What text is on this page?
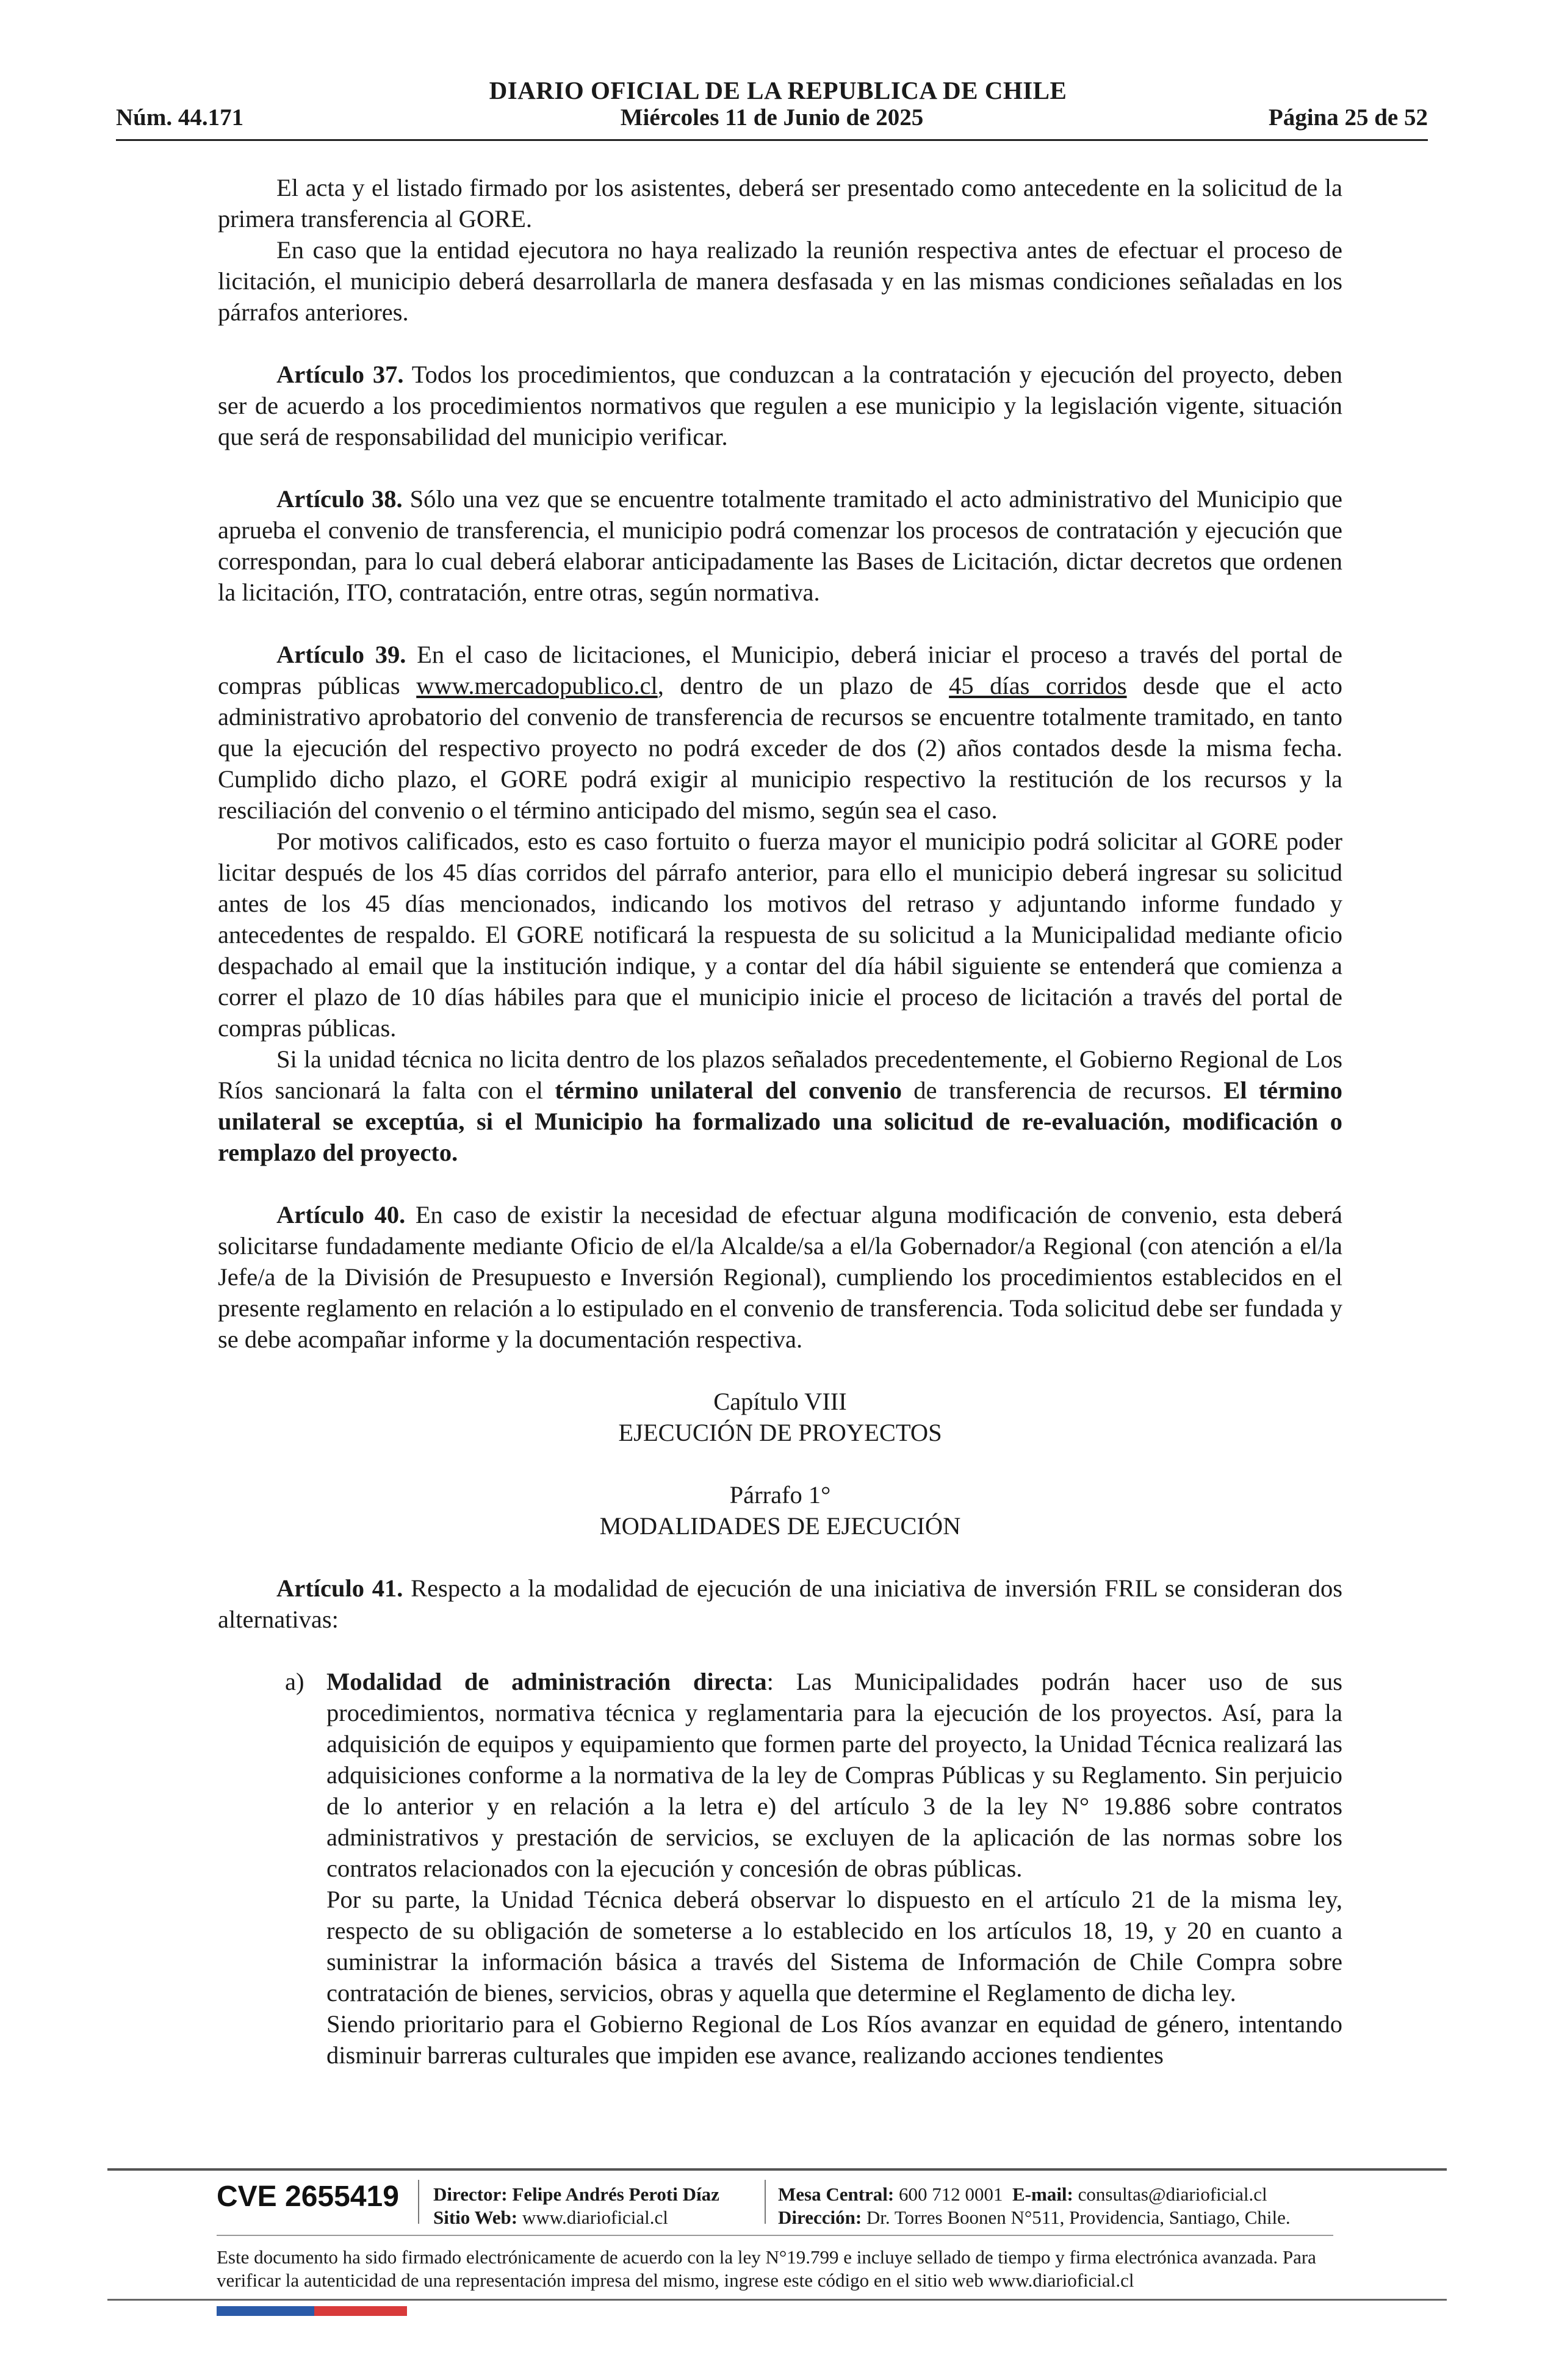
DIARIO OFICIAL DE LA REPUBLICA DE CHILE
Núm. 44.171	Miércoles 11 de Junio de 2025	Página 25 de 52

El acta y el listado firmado por los asistentes, deberá ser presentado como antecedente en la solicitud de la primera transferencia al GORE.

En caso que la entidad ejecutora no haya realizado la reunión respectiva antes de efectuar el proceso de licitación, el municipio deberá desarrollarla de manera desfasada y en las mismas condiciones señaladas en los párrafos anteriores.

Artículo 37. Todos los procedimientos, que conduzcan a la contratación y ejecución del proyecto, deben ser de acuerdo a los procedimientos normativos que regulen a ese municipio y la legislación vigente, situación que será de responsabilidad del municipio verificar.

Artículo 38. Sólo una vez que se encuentre totalmente tramitado el acto administrativo del Municipio que aprueba el convenio de transferencia, el municipio podrá comenzar los procesos de contratación y ejecución que correspondan, para lo cual deberá elaborar anticipadamente las Bases de Licitación, dictar decretos que ordenen la licitación, ITO, contratación, entre otras, según normativa.

Artículo 39. En el caso de licitaciones, el Municipio, deberá iniciar el proceso a través del portal de compras públicas www.mercadopublico.cl, dentro de un plazo de 45 días corridos desde que el acto administrativo aprobatorio del convenio de transferencia de recursos se encuentre totalmente tramitado, en tanto que la ejecución del respectivo proyecto no podrá exceder de dos (2) años contados desde la misma fecha. Cumplido dicho plazo, el GORE podrá exigir al municipio respectivo la restitución de los recursos y la resciliación del convenio o el término anticipado del mismo, según sea el caso.

Por motivos calificados, esto es caso fortuito o fuerza mayor el municipio podrá solicitar al GORE poder licitar después de los 45 días corridos del párrafo anterior, para ello el municipio deberá ingresar su solicitud antes de los 45 días mencionados, indicando los motivos del retraso y adjuntando informe fundado y antecedentes de respaldo. El GORE notificará la respuesta de su solicitud a la Municipalidad mediante oficio despachado al email que la institución indique, y a contar del día hábil siguiente se entenderá que comienza a correr el plazo de 10 días hábiles para que el municipio inicie el proceso de licitación a través del portal de compras públicas.

Si la unidad técnica no licita dentro de los plazos señalados precedentemente, el Gobierno Regional de Los Ríos sancionará la falta con el término unilateral del convenio de transferencia de recursos. El término unilateral se exceptúa, si el Municipio ha formalizado una solicitud de re-evaluación, modificación o remplazo del proyecto.

Artículo 40. En caso de existir la necesidad de efectuar alguna modificación de convenio, esta deberá solicitarse fundadamente mediante Oficio de el/la Alcalde/sa a el/la Gobernador/a Regional (con atención a el/la Jefe/a de la División de Presupuesto e Inversión Regional), cumpliendo los procedimientos establecidos en el presente reglamento en relación a lo estipulado en el convenio de transferencia. Toda solicitud debe ser fundada y se debe acompañar informe y la documentación respectiva.

Capítulo VIII

EJECUCIÓN DE PROYECTOS

Párrafo 1°

MODALIDADES DE EJECUCIÓN

Artículo 41. Respecto a la modalidad de ejecución de una iniciativa de inversión FRIL se consideran dos alternativas:

a) Modalidad de administración directa: Las Municipalidades podrán hacer uso de sus procedimientos, normativa técnica y reglamentaria para la ejecución de los proyectos. Así, para la adquisición de equipos y equipamiento que formen parte del proyecto, la Unidad Técnica realizará las adquisiciones conforme a la normativa de la ley de Compras Públicas y su Reglamento. Sin perjuicio de lo anterior y en relación a la letra e) del artículo 3 de la ley N° 19.886 sobre contratos administrativos y prestación de servicios, se excluyen de la aplicación de las normas sobre los contratos relacionados con la ejecución y concesión de obras públicas.

Por su parte, la Unidad Técnica deberá observar lo dispuesto en el artículo 21 de la misma ley, respecto de su obligación de someterse a lo establecido en los artículos 18, 19, y 20 en cuanto a suministrar la información básica a través del Sistema de Información de Chile Compra sobre contratación de bienes, servicios, obras y aquella que determine el Reglamento de dicha ley.

Siendo prioritario para el Gobierno Regional de Los Ríos avanzar en equidad de género, intentando disminuir barreras culturales que impiden ese avance, realizando acciones tendientes

CVE 2655419 Director: Felipe Andrés Peroti Díaz
Sitio Web: www.diarioficial.cl
Mesa Central: 600 712 0001 E-mail: consultas@diarioficial.cl
Dirección: Dr. Torres Boonen N°511, Providencia, Santiago, Chile.
Este documento ha sido firmado electrónicamente de acuerdo con la ley N°19.799 e incluye sellado de tiempo y firma electrónica avanzada. Para verificar la autenticidad de una representación impresa del mismo, ingrese este código en el sitio web www.diarioficial.cl
